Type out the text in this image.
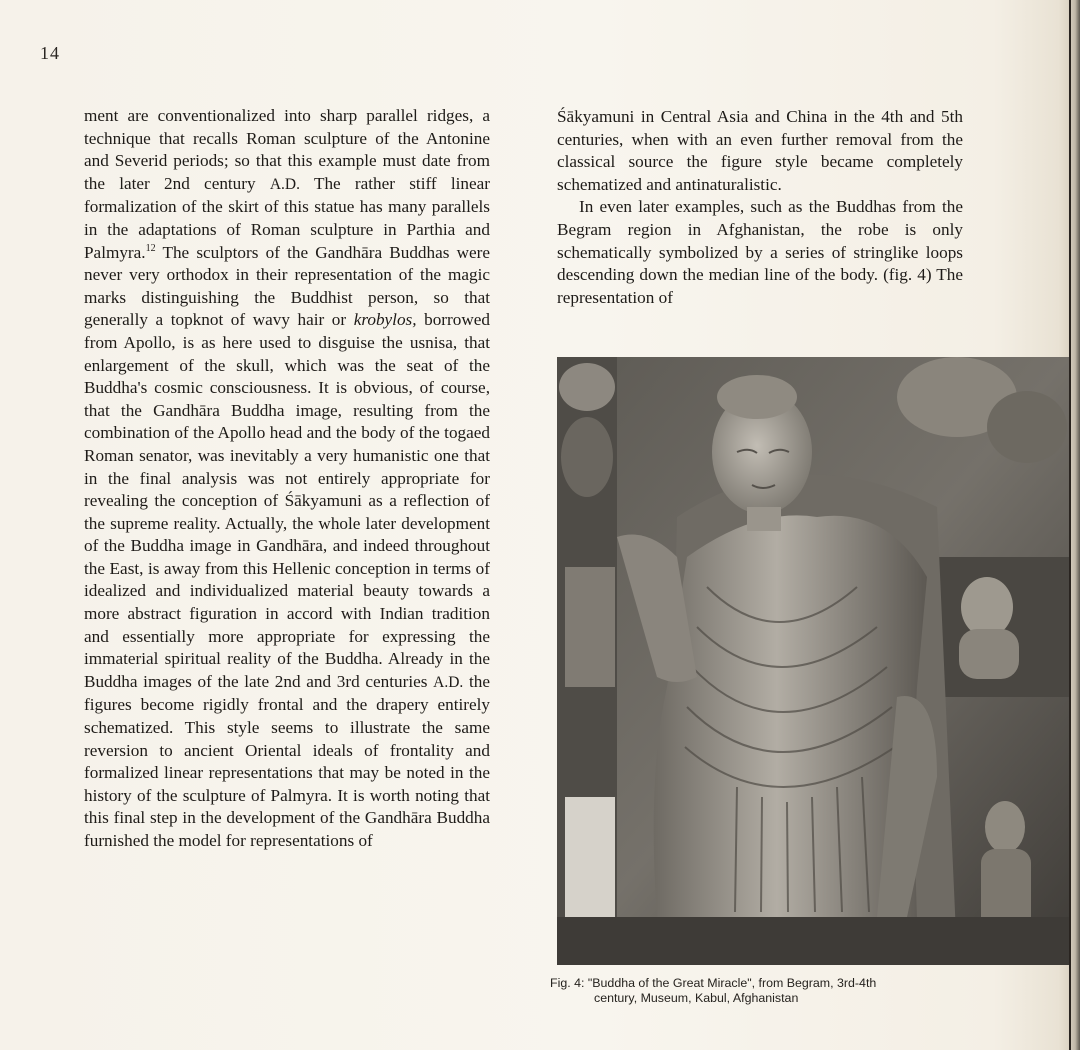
14
ment are conventionalized into sharp parallel ridges, a technique that recalls Roman sculpture of the Antonine and Severid periods; so that this example must date from the later 2nd century A.D. The rather stiff linear formalization of the skirt of this statue has many parallels in the adaptations of Roman sculpture in Parthia and Palmyra.$^{12}$ The sculptors of the Gandhāra Buddhas were never very orthodox in their representation of the magic marks distinguishing the Buddhist person, so that generally a topknot of wavy hair or krobylos, borrowed from Apollo, is as here used to disguise the usnisa, that enlargement of the skull, which was the seat of the Buddha's cosmic consciousness. It is obvious, of course, that the Gandhāra Buddha image, resulting from the combination of the Apollo head and the body of the togaed Roman senator, was inevitably a very humanistic one that in the final analysis was not entirely appropriate for revealing the conception of Śākyamuni as a reflection of the supreme reality. Actually, the whole later development of the Buddha image in Gandhāra, and indeed throughout the East, is away from this Hellenic conception in terms of idealized and individualized material beauty towards a more abstract figuration in accord with Indian tradition and essentially more appropriate for expressing the immaterial spiritual reality of the Buddha. Already in the Buddha images of the late 2nd and 3rd centuries A.D. the figures become rigidly frontal and the drapery entirely schematized. This style seems to illustrate the same reversion to ancient Oriental ideals of frontality and formalized linear representations that may be noted in the history of the sculpture of Palmyra. It is worth noting that this final step in the development of the Gandhāra Buddha furnished the model for representations of

Śākyamuni in Central Asia and China in the 4th and 5th centuries, when with an even further removal from the classical source the figure style became completely schematized and antinaturalistic.

In even later examples, such as the Buddhas from the Begram region in Afghanistan, the robe is only schematically symbolized by a series of stringlike loops descending down the median line of the body. (fig. 4) The representation of

Fig. 4: "Buddha of the Great Miracle", from Begram, 3rd-4th
century, Museum, Kabul, Afghanistan
